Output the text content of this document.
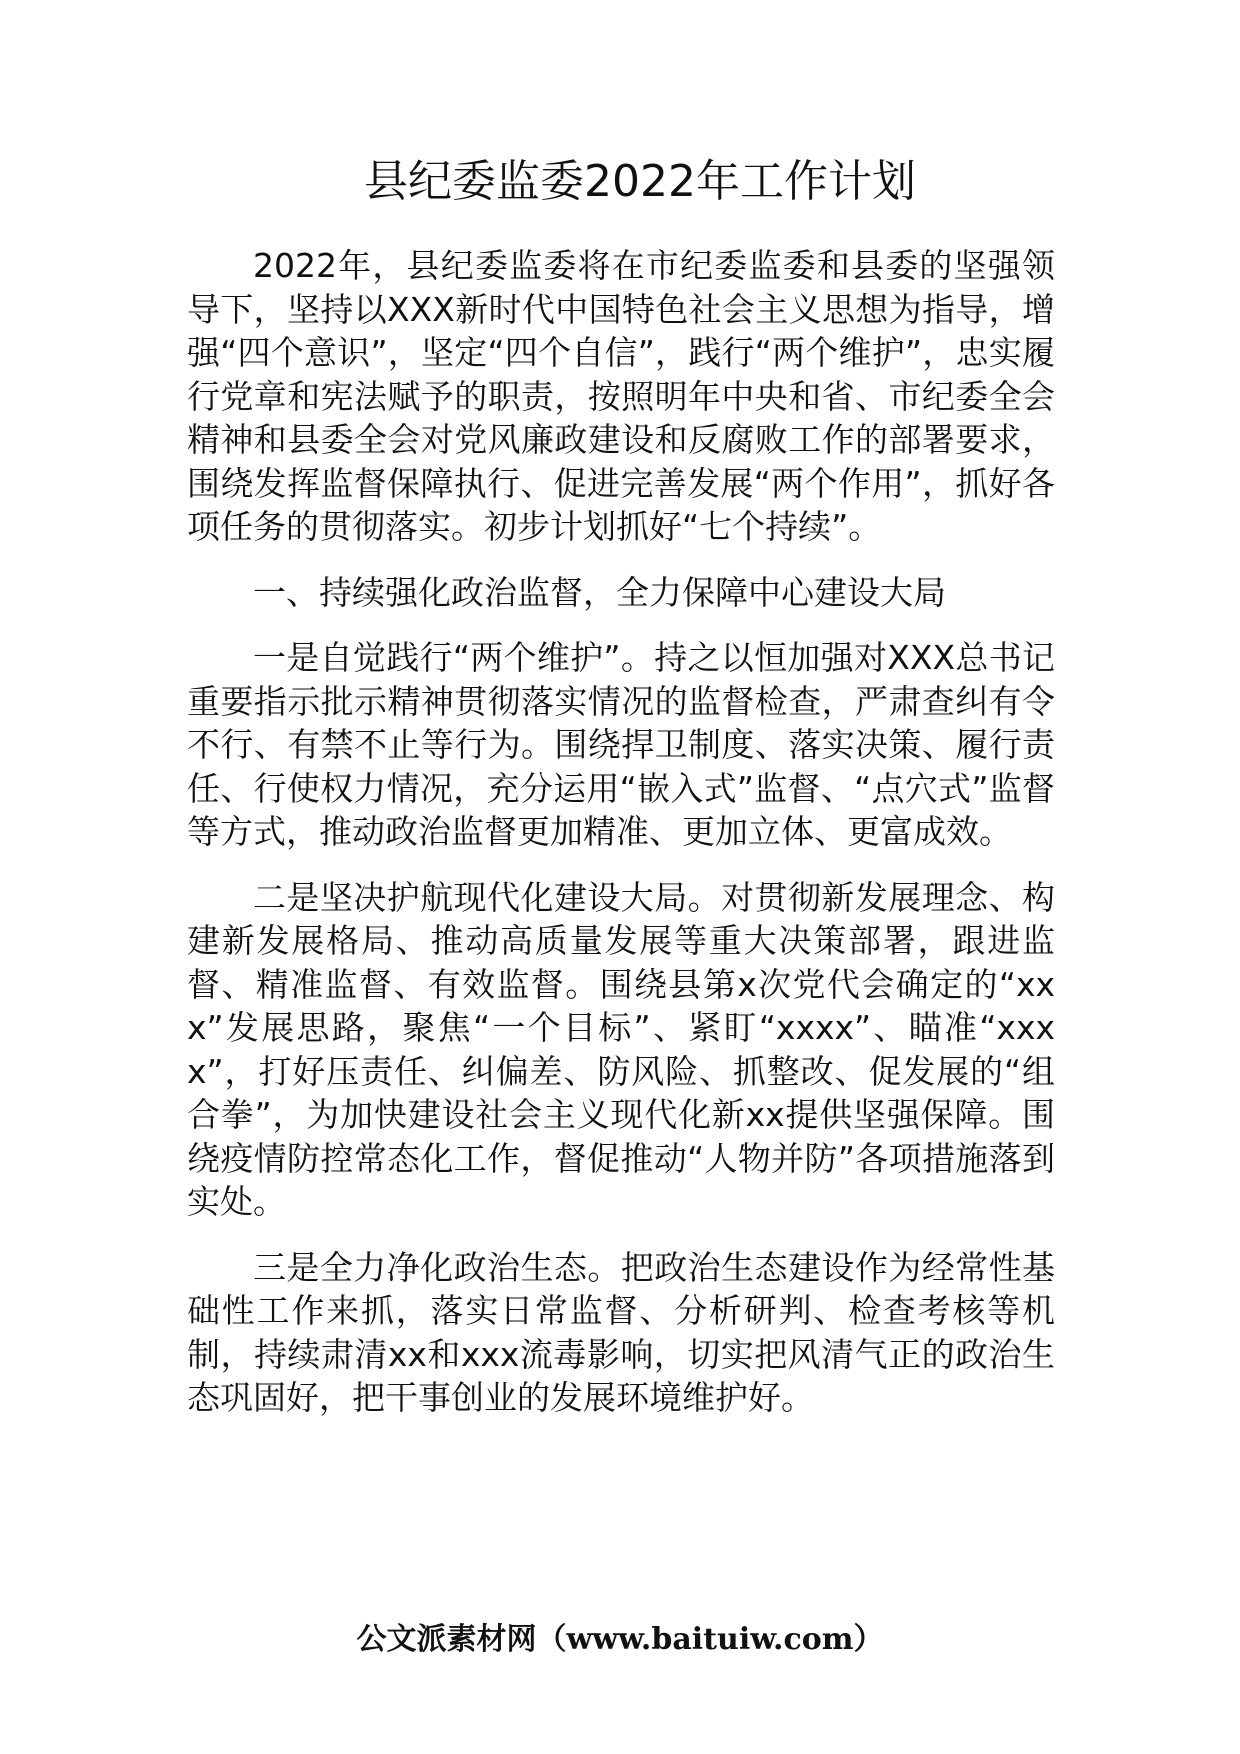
县纪委监委2022年工作计划

2022年，县纪委监委将在市纪委监委和县委的坚强领导下，坚持以XXX新时代中国特色社会主义思想为指导，增强“四个意识”，坚定“四个自信”，践行“两个维护”，忠实履行党章和宪法赋予的职责，按照明年中央和省、市纪委全会精神和县委全会对党风廉政建设和反腐败工作的部署要求，围绕发挥监督保障执行、促进完善发展“两个作用”，抓好各项任务的贯彻落实。初步计划抓好“七个持续”。

一、持续强化政治监督，全力保障中心建设大局

一是自觉践行“两个维护”。持之以恒加强对XXX总书记重要指示批示精神贯彻落实情况的监督检查，严肃查纠有令不行、有禁不止等行为。围绕捍卫制度、落实决策、履行责任、行使权力情况，充分运用“嵌入式”监督、“点穴式”监督等方式，推动政治监督更加精准、更加立体、更富成效。

二是坚决护航现代化建设大局。对贯彻新发展理念、构建新发展格局、推动高质量发展等重大决策部署，跟进监督、精准监督、有效监督。围绕县第x次党代会确定的“xxx”发展思路，聚焦“一个目标”、紧盯“xxxx”、瞄准“xxxx”，打好压责任、纠偏差、防风险、抓整改、促发展的“组合拳”，为加快建设社会主义现代化新xx提供坚强保障。围绕疫情防控常态化工作，督促推动“人物并防”各项措施落到实处。

三是全力净化政治生态。把政治生态建设作为经常性基础性工作来抓，落实日常监督、分析研判、检查考核等机制，持续肃清xx和xxx流毒影响，切实把风清气正的政治生态巩固好，把干事创业的发展环境维护好。

公文派素材网（www.baituiw.com）
